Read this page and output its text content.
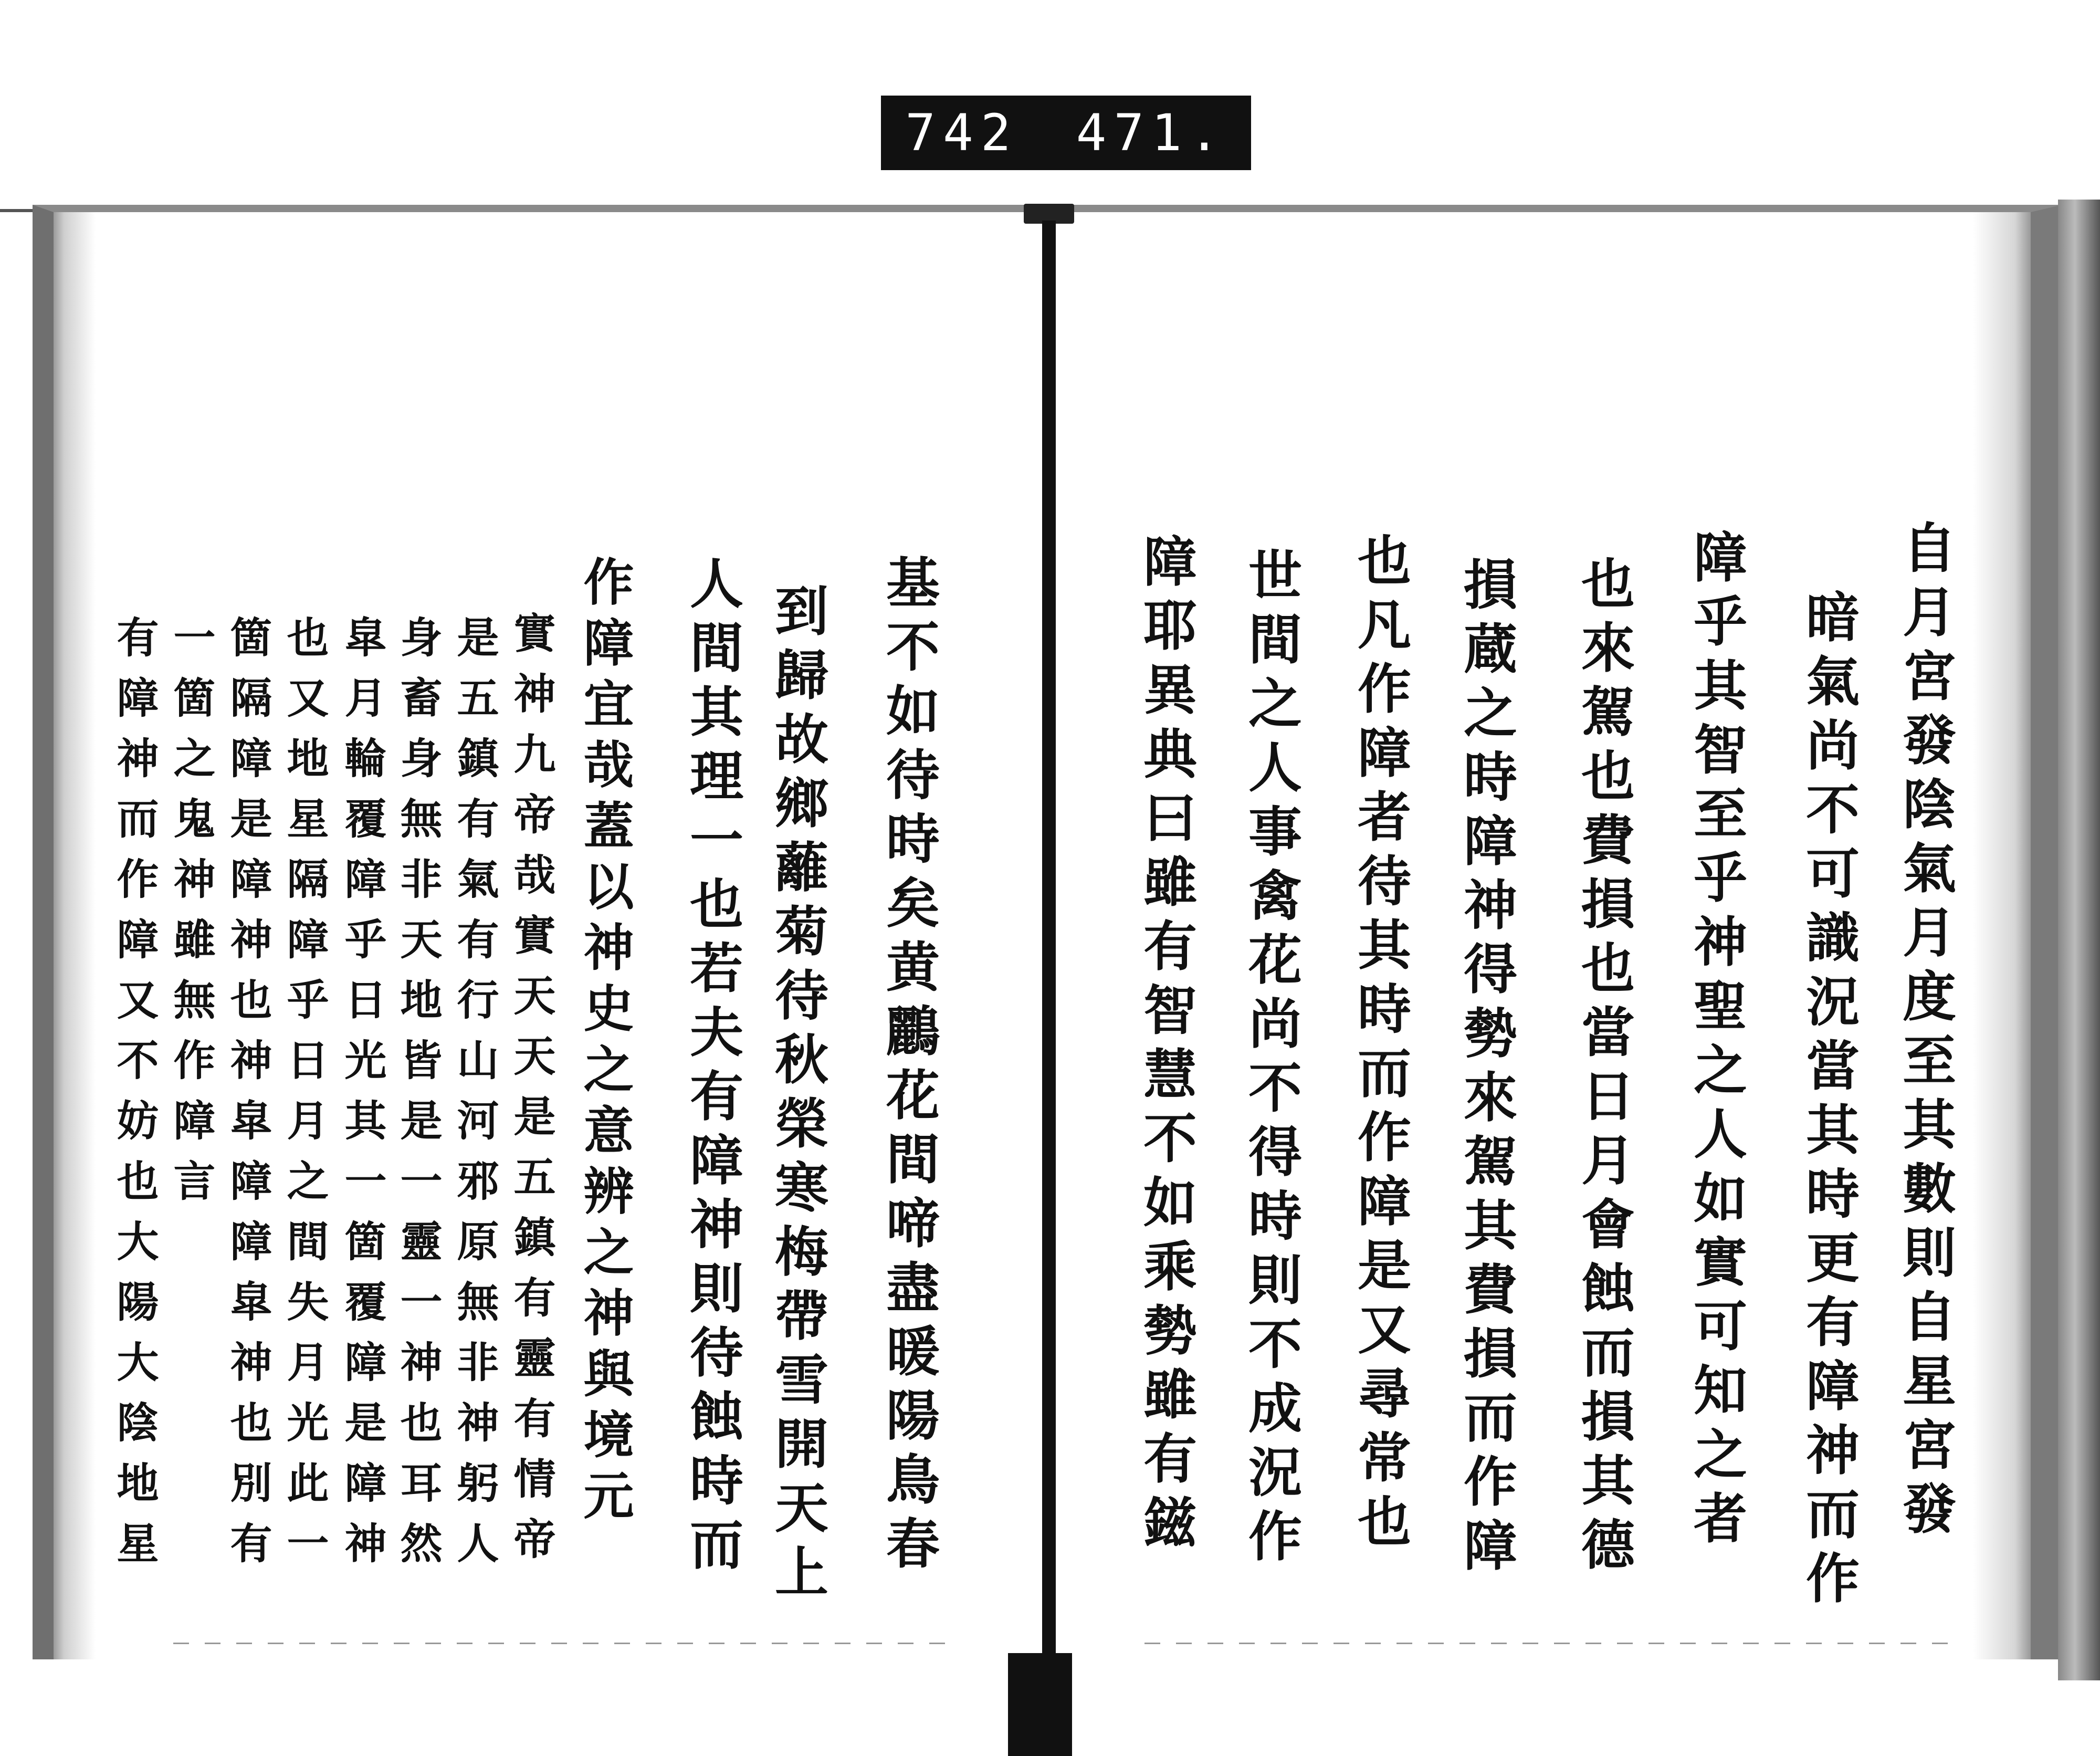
742 471.
自月宮發陰氣月度至其數則自星宮發
暗氣尚不可識況當其時更有障神而作
障乎其智至乎神聖之人如實可知之者
也來駕也費損也當日月會蝕而損其德
損蔵之時障神得勢來駕其費損而作障
也凡作障者待其時而作障是又尋常也
世間之人事禽花尚不得時則不成況作
障耶異典曰雖有智慧不如乘勢雖有鎡
基不如待時矣黄鸝花間啼盡暖陽鳥春
到歸故鄉蘺菊待秋榮寒梅帶雪開天上
人間其理一也若夫有障神則待蝕時而
作障宜哉蓋以神史之意辨之神與境元
實神九帝哉實天天是五鎮有靈有情帝
是五鎮有氣有行山河邪原無非神躬人
身畜身無非天地皆是一靈一神也耳然
皐月輪覆障乎日光其一箇覆障是障神
也又地星隔障乎日月之間失月光此一
箇隔障是障神也神皐障障皐神也別有
一箇之鬼神雖無作障言
有障神而作障又不妨也大陽大陰地星
